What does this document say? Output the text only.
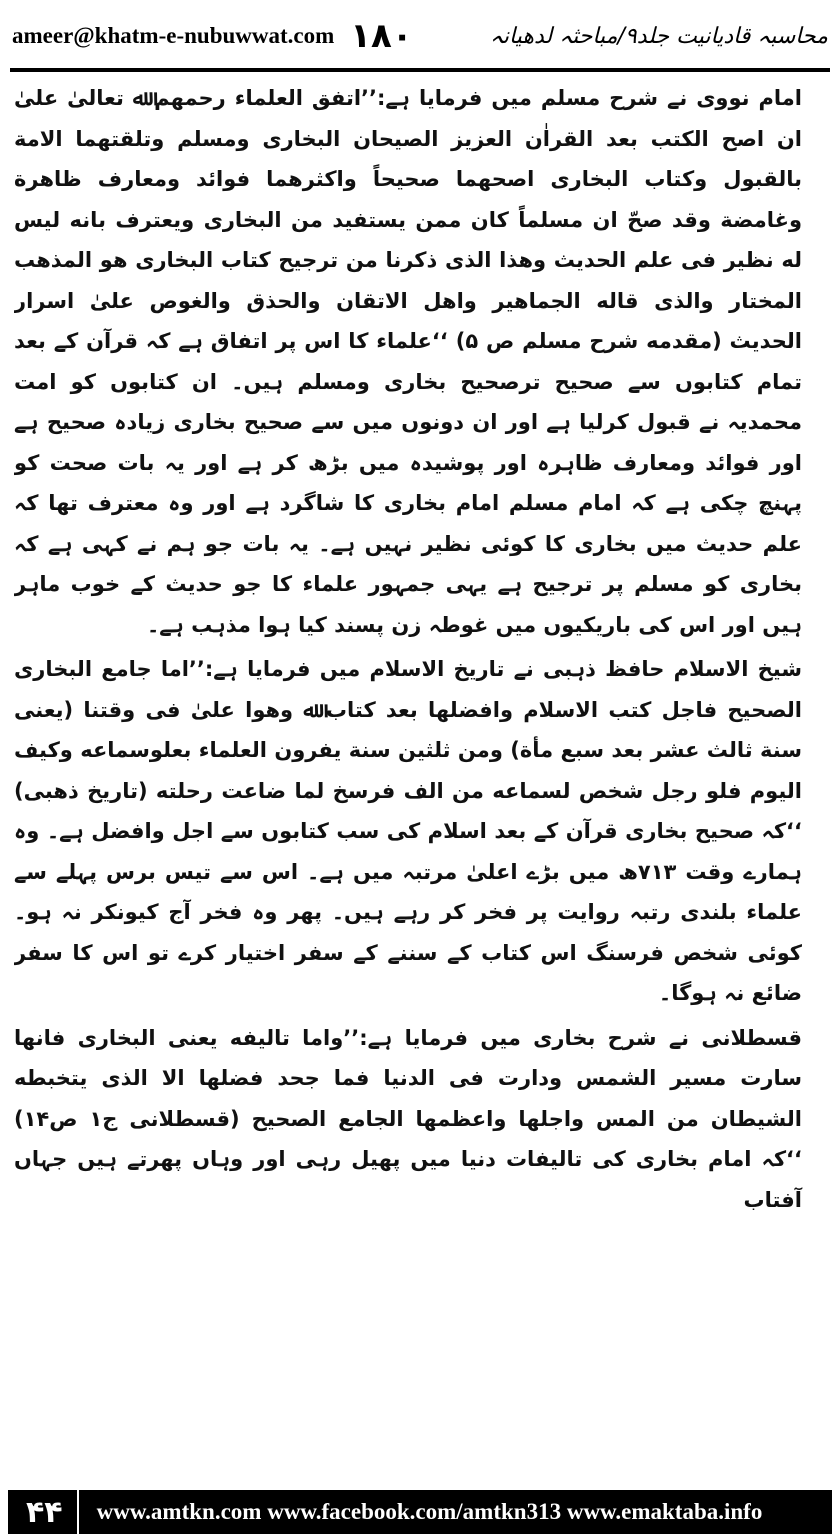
ameer@khatm-e-nubuwwat.com ۱۸۰	محاسبہ قادیانیت جلد۹/مباحثہ لدھیانہ

امام نووی نے شرح مسلم میں فرمایا ہے:’’اتفق العلماء رحمھم ﷲ تعالیٰ علیٰ ان اصح الکتب بعد القراٰن العزیز الصیحان البخاری ومسلم وتلقتھما الامة بالقبول وکتاب البخاری اصحھما صحیحاً واکثرھما فوائد ومعارف ظاھرة وغامضة وقد صحّ ان مسلماً کان ممن یستفید من البخاری ویعترف بانه لیس له نظیر فی علم الحدیث وھذا الذی ذکرنا من ترجیح کتاب البخاری ھو المذھب المختار والذی قاله الجماھیر واھل الاتقان والحذق والغوص علیٰ اسرار الحدیث (مقدمه شرح مسلم ص ۵) ‘‘علماء کا اس پر اتفاق ہے کہ قرآن کے بعد تمام کتابوں سے صحیح ترصحیح بخاری ومسلم ہیں۔ ان کتابوں کو امت محمدیہ نے قبول کرلیا ہے اور ان دونوں میں سے صحیح بخاری زیادہ صحیح ہے اور فوائد ومعارف ظاہرہ اور پوشیدہ میں بڑھ کر ہے اور یہ بات صحت کو پہنچ چکی ہے کہ امام مسلم امام بخاری کا شاگرد ہے اور وہ معترف تھا کہ علم حدیث میں بخاری کا کوئی نظیر نہیں ہے۔ یہ بات جو ہم نے کہی ہے کہ بخاری کو مسلم پر ترجیح ہے یہی جمہور علماء کا جو حدیث کے خوب ماہر ہیں اور اس کی باریکیوں میں غوطہ زن پسند کیا ہوا مذہب ہے۔

شیخ الاسلام حافظ ذہبی نے تاریخ الاسلام میں فرمایا ہے:’’اما جامع البخاری الصحیح فاجل کتب الاسلام وافضلھا بعد کتاب ﷲ وھوا علیٰ فی وقتنا (یعنی سنة ثالث عشر بعد سبع مأة) ومن ثلثین سنة یفرون العلماء بعلوسماعه وکیف الیوم فلو رجل شخص لسماعه من الف فرسخ لما ضاعت رحلته (تاریخ ذھبی) ‘‘کہ صحیح بخاری قرآن کے بعد اسلام کی سب کتابوں سے اجل وافضل ہے۔ وہ ہمارے وقت ۷۱۳ھ میں بڑے اعلیٰ مرتبہ میں ہے۔ اس سے تیس برس پہلے سے علماء بلندی رتبہ روایت پر فخر کر رہے ہیں۔ پھر وہ فخر آج کیونکر نہ ہو۔ کوئی شخص فرسنگ اس کتاب کے سننے کے سفر اختیار کرے تو اس کا سفر ضائع نہ ہوگا۔

قسطلانی نے شرح بخاری میں فرمایا ہے:’’واما تالیفه یعنی البخاری فانھا سارت مسیر الشمس ودارت فی الدنیا فما جحد فضلھا الا الذی یتخبطه الشیطان من المس واجلھا واعظمھا الجامع الصحیح (قسطلانی ج۱ ص۱۴) ‘‘کہ امام بخاری کی تالیفات دنیا میں پھیل رہی اور وہاں پھرتے ہیں جہاں آفتاب

۴۴	www.amtkn.com www.facebook.com/amtkn313 www.emaktaba.info
